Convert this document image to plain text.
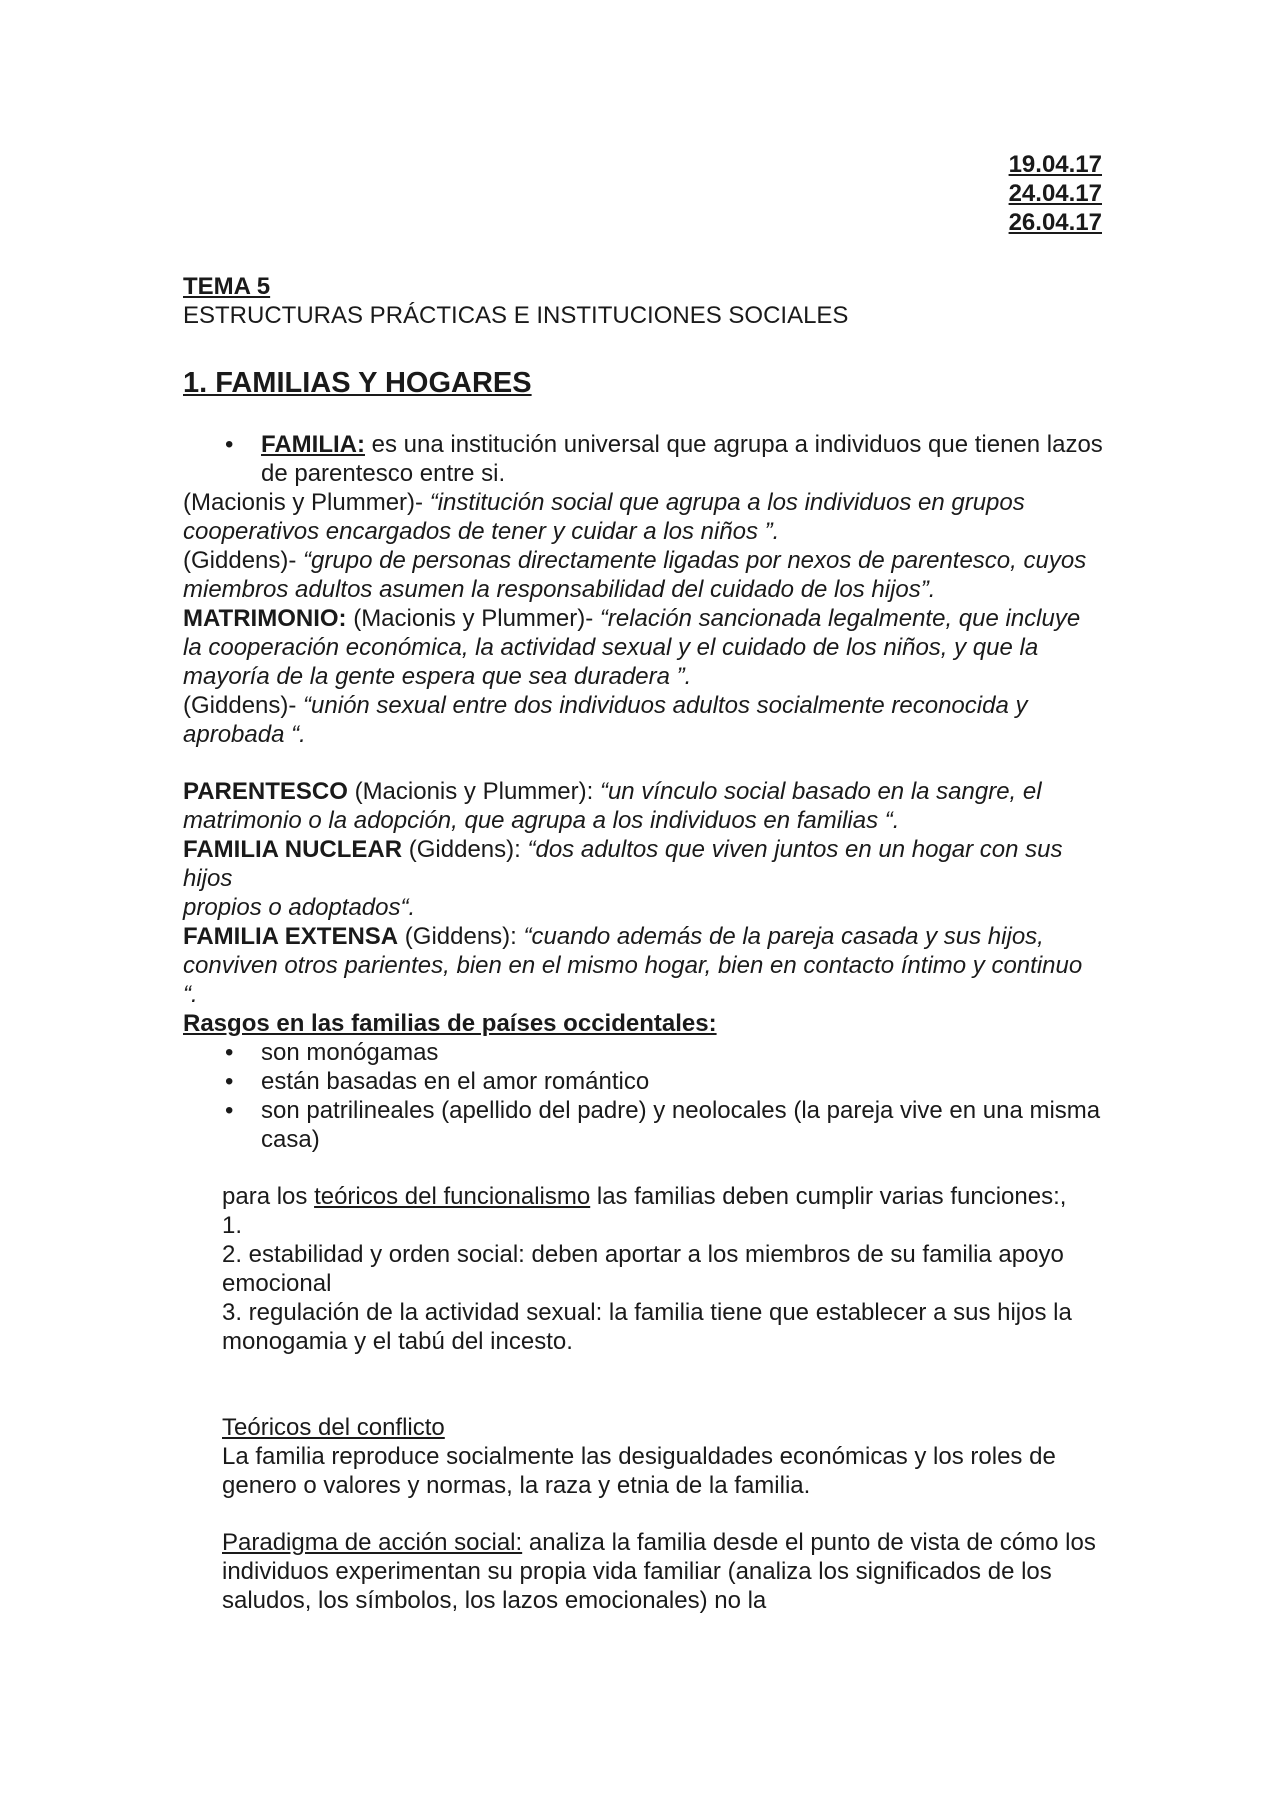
19.04.17
24.04.17
26.04.17
TEMA 5
ESTRUCTURAS PRÁCTICAS E INSTITUCIONES SOCIALES
1. FAMILIAS Y HOGARES
• FAMILIA: es una institución universal que agrupa a individuos que tienen lazos de parentesco entre si.
(Macionis y Plummer)- “institución social que agrupa a los individuos en grupos cooperativos encargados de tener y cuidar a los niños ”.
(Giddens)- “grupo de personas directamente ligadas por nexos de parentesco, cuyos miembros adultos asumen la responsabilidad del cuidado de los hijos”.
MATRIMONIO: (Macionis y Plummer)- “relación sancionada legalmente, que incluye la cooperación económica, la actividad sexual y el cuidado de los niños, y que la mayoría de la gente espera que sea duradera ”.
(Giddens)- “unión sexual entre dos individuos adultos socialmente reconocida y aprobada “.
PARENTESCO (Macionis y Plummer): “un vínculo social basado en la sangre, el matrimonio o la adopción, que agrupa a los individuos en familias “.
FAMILIA NUCLEAR (Giddens): “dos adultos que viven juntos en un hogar con sus hijos
propios o adoptados“.
FAMILIA EXTENSA (Giddens): “cuando además de la pareja casada y sus hijos, conviven otros parientes, bien en el mismo hogar, bien en contacto íntimo y continuo “.
Rasgos en las familias de países occidentales:
• son monógamas
• están basadas en el amor romántico
• son patrilineales (apellido del padre) y neolocales (la pareja vive en una misma casa)
para los teóricos del funcionalismo las familias deben cumplir varias funciones:,
1.
2. estabilidad y orden social: deben aportar a los miembros de su familia apoyo emocional
3. regulación de la actividad sexual: la familia tiene que establecer a sus hijos la monogamia y el tabú del incesto.
Teóricos del conflicto
La familia reproduce socialmente las desigualdades económicas y los roles de genero o valores y normas, la raza y etnia de la familia.
Paradigma de acción social: analiza la familia desde el punto de vista de cómo los individuos experimentan su propia vida familiar (analiza los significados de los saludos, los símbolos, los lazos emocionales) no la
